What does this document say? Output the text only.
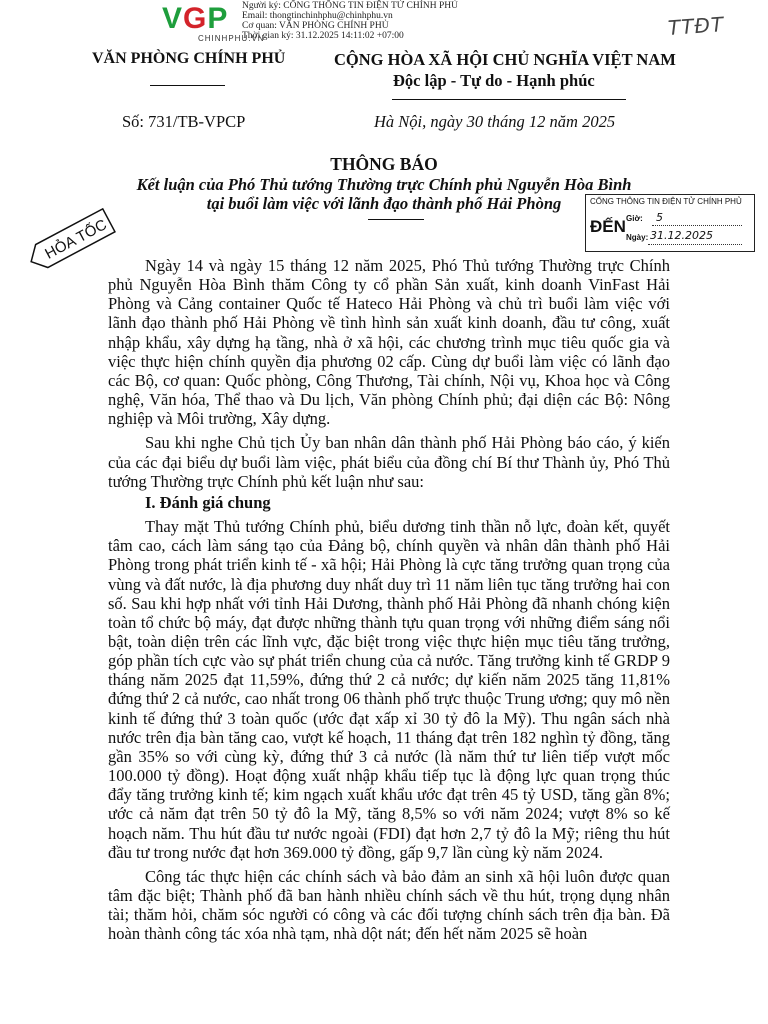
VGP
CHINHPHU.VN
Người ký: CỔNG THÔNG TIN ĐIỆN TỬ CHÍNH PHỦ
Email: thongtinchinhphu@chinhphu.vn
Cơ quan: VĂN PHÒNG CHÍNH PHỦ
Thời gian ký: 31.12.2025 14:11:02 +07:00	TTĐT
VĂN PHÒNG CHÍNH PHỦ	CỘNG HÒA XÃ HỘI CHỦ NGHĨA VIỆT NAM
Độc lập - Tự do - Hạnh phúc
Số: 731/TB-VPCP	Hà Nội, ngày 30 tháng 12 năm 2025
THÔNG BÁO
Kết luận của Phó Thủ tướng Thường trực Chính phủ Nguyễn Hòa Bình
tại buổi làm việc với lãnh đạo thành phố Hải Phòng
HỎA TỐC
CỔNG THÔNG TIN ĐIỆN TỬ CHÍNH PHỦ
ĐẾN Giờ: 5
Ngày: 31.12.2025

Ngày 14 và ngày 15 tháng 12 năm 2025, Phó Thủ tướng Thường trực Chính phủ Nguyễn Hòa Bình thăm Công ty cổ phần Sản xuất, kinh doanh VinFast Hải Phòng và Cảng container Quốc tế Hateco Hải Phòng và chủ trì buổi làm việc với lãnh đạo thành phố Hải Phòng về tình hình sản xuất kinh doanh, đầu tư công, xuất nhập khẩu, xây dựng hạ tầng, nhà ở xã hội, các chương trình mục tiêu quốc gia và việc thực hiện chính quyền địa phương 02 cấp. Cùng dự buổi làm việc có lãnh đạo các Bộ, cơ quan: Quốc phòng, Công Thương, Tài chính, Nội vụ, Khoa học và Công nghệ, Văn hóa, Thể thao và Du lịch, Văn phòng Chính phủ; đại diện các Bộ: Nông nghiệp và Môi trường, Xây dựng.

Sau khi nghe Chủ tịch Ủy ban nhân dân thành phố Hải Phòng báo cáo, ý kiến của các đại biểu dự buổi làm việc, phát biểu của đồng chí Bí thư Thành ủy, Phó Thủ tướng Thường trực Chính phủ kết luận như sau:

I. Đánh giá chung

Thay mặt Thủ tướng Chính phủ, biểu dương tinh thần nỗ lực, đoàn kết, quyết tâm cao, cách làm sáng tạo của Đảng bộ, chính quyền và nhân dân thành phố Hải Phòng trong phát triển kinh tế - xã hội; Hải Phòng là cực tăng trưởng quan trọng của vùng và đất nước, là địa phương duy nhất duy trì 11 năm liên tục tăng trưởng hai con số. Sau khi hợp nhất với tỉnh Hải Dương, thành phố Hải Phòng đã nhanh chóng kiện toàn tổ chức bộ máy, đạt được những thành tựu quan trọng với những điểm sáng nổi bật, toàn diện trên các lĩnh vực, đặc biệt trong việc thực hiện mục tiêu tăng trưởng, góp phần tích cực vào sự phát triển chung của cả nước. Tăng trưởng kinh tế GRDP 9 tháng năm 2025 đạt 11,59%, đứng thứ 2 cả nước; dự kiến năm 2025 tăng 11,81% đứng thứ 2 cả nước, cao nhất trong 06 thành phố trực thuộc Trung ương; quy mô nền kinh tế đứng thứ 3 toàn quốc (ước đạt xấp xỉ 30 tỷ đô la Mỹ). Thu ngân sách nhà nước trên địa bàn tăng cao, vượt kế hoạch, 11 tháng đạt trên 182 nghìn tỷ đồng, tăng gần 35% so với cùng kỳ, đứng thứ 3 cả nước (là năm thứ tư liên tiếp vượt mốc 100.000 tỷ đồng). Hoạt động xuất nhập khẩu tiếp tục là động lực quan trọng thúc đẩy tăng trưởng kinh tế; kim ngạch xuất khẩu ước đạt trên 45 tỷ USD, tăng gần 8%; ước cả năm đạt trên 50 tỷ đô la Mỹ, tăng 8,5% so với năm 2024; vượt 8% so kế hoạch năm. Thu hút đầu tư nước ngoài (FDI) đạt hơn 2,7 tỷ đô la Mỹ; riêng thu hút đầu tư trong nước đạt hơn 369.000 tỷ đồng, gấp 9,7 lần cùng kỳ năm 2024.

Công tác thực hiện các chính sách và bảo đảm an sinh xã hội luôn được quan tâm đặc biệt; Thành phố đã ban hành nhiều chính sách về thu hút, trọng dụng nhân tài; thăm hỏi, chăm sóc người có công và các đối tượng chính sách trên địa bàn. Đã hoàn thành công tác xóa nhà tạm, nhà dột nát; đến hết năm 2025 sẽ hoàn
